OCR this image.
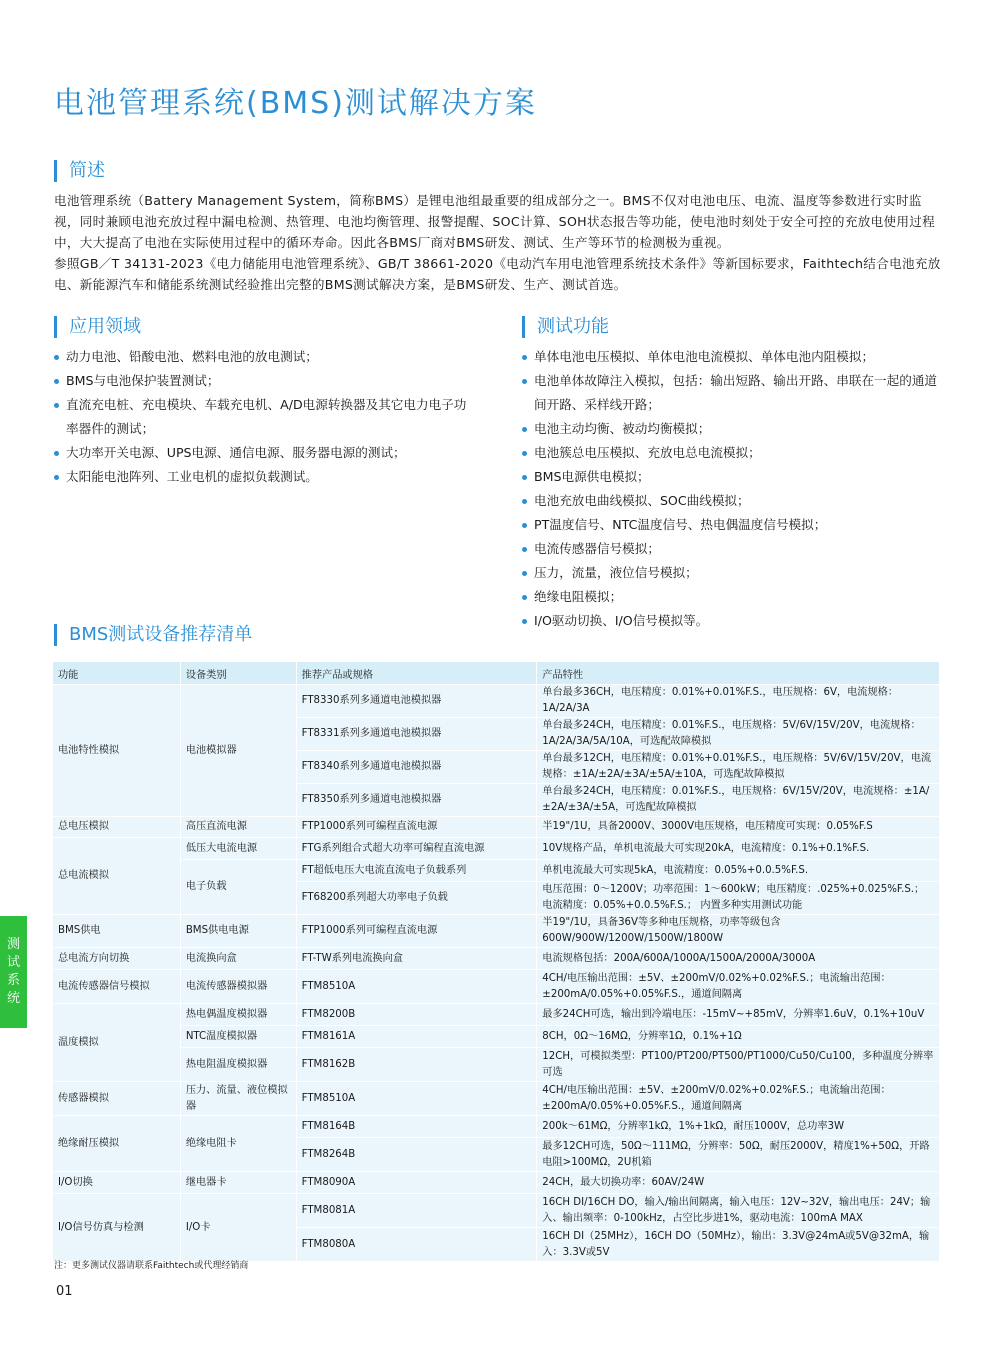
电池管理系统(BMS)测试解决方案
简述

电池管理系统（Battery Management System，简称BMS）是锂电池组最重要的组成部分之一。BMS不仅对电池电压、电流、温度等参数进行实时监视，同时兼顾电池充放过程中漏电检测、热管理、电池均衡管理、报警提醒、SOC计算、SOH状态报告等功能，使电池时刻处于安全可控的充放电使用过程中，大大提高了电池在实际使用过程中的循环寿命。因此各BMS厂商对BMS研发、测试、生产等环节的检测极为重视。

参照GB／T 34131-2023《电力储能用电池管理系统》、GB/T 38661-2020《电动汽车用电池管理系统技术条件》等新国标要求，Faithtech结合电池充放电、新能源汽车和储能系统测试经验推出完整的BMS测试解决方案，是BMS研发、生产、测试首选。

应用领域
动力电池、铅酸电池、燃料电池的放电测试；
BMS与电池保护装置测试；
直流充电桩、充电模块、车载充电机、A/D电源转换器及其它电力电子功率器件的测试；
大功率开关电源、UPS电源、通信电源、服务器电源的测试；
太阳能电池阵列、工业电机的虚拟负载测试。
测试功能
单体电池电压模拟、单体电池电流模拟、单体电池内阻模拟；
电池单体故障注入模拟，包括：输出短路、输出开路、串联在一起的通道间开路、采样线开路；
电池主动均衡、被动均衡模拟；
电池簇总电压模拟、充放电总电流模拟；
BMS电源供电模拟；
电池充放电曲线模拟、SOC曲线模拟；
PT温度信号、NTC温度信号、热电偶温度信号模拟；
电流传感器信号模拟；
压力，流量，液位信号模拟；
绝缘电阻模拟；
I/O驱动切换、I/O信号模拟等。
BMS测试设备推荐清单
功能	设备类别	推荐产品或规格	产品特性
电池特性模拟	电池模拟器	FT8330系列多通道电池模拟器	单台最多36CH，电压精度：0.01%+0.01%F.S.，电压规格：6V，电流规格：1A/2A/3A
		FT8331系列多通道电池模拟器	单台最多24CH，电压精度：0.01%F.S.，电压规格：5V/6V/15V/20V，电流规格：1A/2A/3A/5A/10A，可选配故障模拟
		FT8340系列多通道电池模拟器	单台最多12CH，电压精度：0.01%+0.01%F.S.，电压规格：5V/6V/15V/20V，电流规格：±1A/±2A/±3A/±5A/±10A，可选配故障模拟
		FT8350系列多通道电池模拟器	单台最多24CH，电压精度：0.01%F.S.，电压规格：6V/15V/20V，电流规格：±1A/±2A/±3A/±5A，可选配故障模拟
总电压模拟	高压直流电源	FTP1000系列可编程直流电源	半19"/1U，具备2000V、3000V电压规格，电压精度可实现：0.05%F.S
总电流模拟	低压大电流电源	FTG系列组合式超大功率可编程直流电源	10V规格产品，单机电流最大可实现20kA，电流精度：0.1%+0.1%F.S.
	电子负载	FT超低电压大电流直流电子负载系列	单机电流最大可实现5kA，电流精度：0.05%+0.0.5%F.S.
		FT68200系列超大功率电子负载	电压范围：0～1200V；功率范围：1～600kW；电压精度：.025%+0.025%F.S.；电流精度：0.05%+0.0.5%F.S.； 内置多种实用测试功能
BMS供电	BMS供电电源	FTP1000系列可编程直流电源	半19"/1U，具备36V等多种电压规格，功率等级包含600W/900W/1200W/1500W/1800W
总电流方向切换	电流换向盒	FT-TW系列电流换向盒	电流规格包括：200A/600A/1000A/1500A/2000A/3000A
电流传感器信号模拟	电流传感器模拟器	FTM8510A	4CH/电压输出范围：±5V、±200mV/0.02%+0.02%F.S.；电流输出范围：±200mA/0.05%+0.05%F.S.，通道间隔离
温度模拟	热电偶温度模拟器	FTM8200B	最多24CH可选，输出到冷端电压：-15mV~+85mV，分辨率1.6uV，0.1%+10uV
	NTC温度模拟器	FTM8161A	8CH，0Ω～16MΩ，分辨率1Ω，0.1%+1Ω
	热电阻温度模拟器	FTM8162B	12CH，可模拟类型：PT100/PT200/PT500/PT1000/Cu50/Cu100，多种温度分辨率可选
传感器模拟	压力、流量、液位模拟器	FTM8510A	4CH/电压输出范围：±5V、±200mV/0.02%+0.02%F.S.；电流输出范围：±200mA/0.05%+0.05%F.S.，通道间隔离
绝缘耐压模拟	绝缘电阻卡	FTM8164B	200k～61MΩ，分辨率1kΩ，1%+1kΩ，耐压1000V，总功率3W
		FTM8264B	最多12CH可选，50Ω～111MΩ，分辨率：50Ω，耐压2000V，精度1%+50Ω，开路电阻>100MΩ，2U机箱
I/O切换	继电器卡	FTM8090A	24CH，最大切换功率：60AV/24W
I/O信号仿真与检测	I/O卡	FTM8081A	16CH DI/16CH DO，输入/输出间隔离，输入电压：12V~32V，输出电压：24V；输入、输出频率：0-100kHz，占空比步进1%，驱动电流：100mA MAX
		FTM8080A	16CH DI（25MHz），16CH DO（50MHz），输出：3.3V@24mA或5V@32mA，输入：3.3V或5V
注：更多测试仪器请联系Faithtech或代理经销商
测
试
系
统
01
